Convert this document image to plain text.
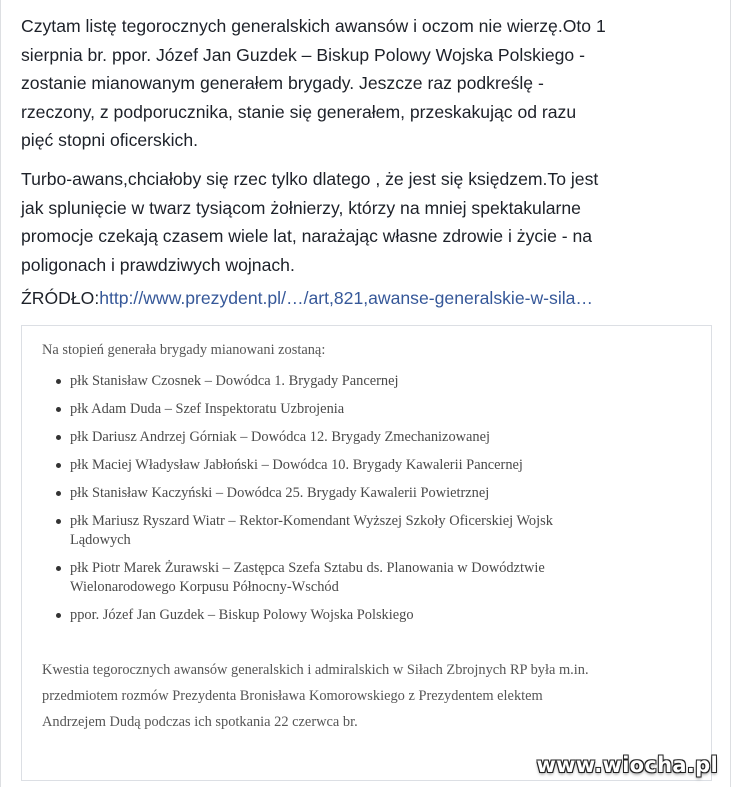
Czytam listę tegorocznych generalskich awansów i oczom nie wierzę.Oto 1
sierpnia br. ppor. Józef Jan Guzdek – Biskup Polowy Wojska Polskiego -
zostanie mianowanym generałem brygady. Jeszcze raz podkreślę -
rzeczony, z podporucznika, stanie się generałem, przeskakując od razu
pięć stopni oficerskich.

Turbo-awans,chciałoby się rzec tylko dlatego , że jest się księdzem.To jest
jak splunięcie w twarz tysiącom żołnierzy, którzy na mniej spektakularne
promocje czekają czasem wiele lat, narażając własne zdrowie i życie - na
poligonach i prawdziwych wojnach.

ŹRÓDŁO:http://www.prezydent.pl/…/art,821,awanse-generalskie-w-sila…
Na stopień generała brygady mianowani zostaną:
płk Stanisław Czosnek – Dowódca 1. Brygady Pancernej
płk Adam Duda – Szef Inspektoratu Uzbrojenia
płk Dariusz Andrzej Górniak – Dowódca 12. Brygady Zmechanizowanej
płk Maciej Władysław Jabłoński – Dowódca 10. Brygady Kawalerii Pancernej
płk Stanisław Kaczyński – Dowódca 25. Brygady Kawalerii Powietrznej
płk Mariusz Ryszard Wiatr – Rektor-Komendant Wyższej Szkoły Oficerskiej Wojsk
Lądowych
płk Piotr Marek Żurawski – Zastępca Szefa Sztabu ds. Planowania w Dowództwie
Wielonarodowego Korpusu Północny-Wschód
ppor. Józef Jan Guzdek – Biskup Polowy Wojska Polskiego

Kwestia tegorocznych awansów generalskich i admiralskich w Siłach Zbrojnych RP była m.in.
przedmiotem rozmów Prezydenta Bronisława Komorowskiego z Prezydentem elektem
Andrzejem Dudą podczas ich spotkania 22 czerwca br.

www.wiocha.pl
